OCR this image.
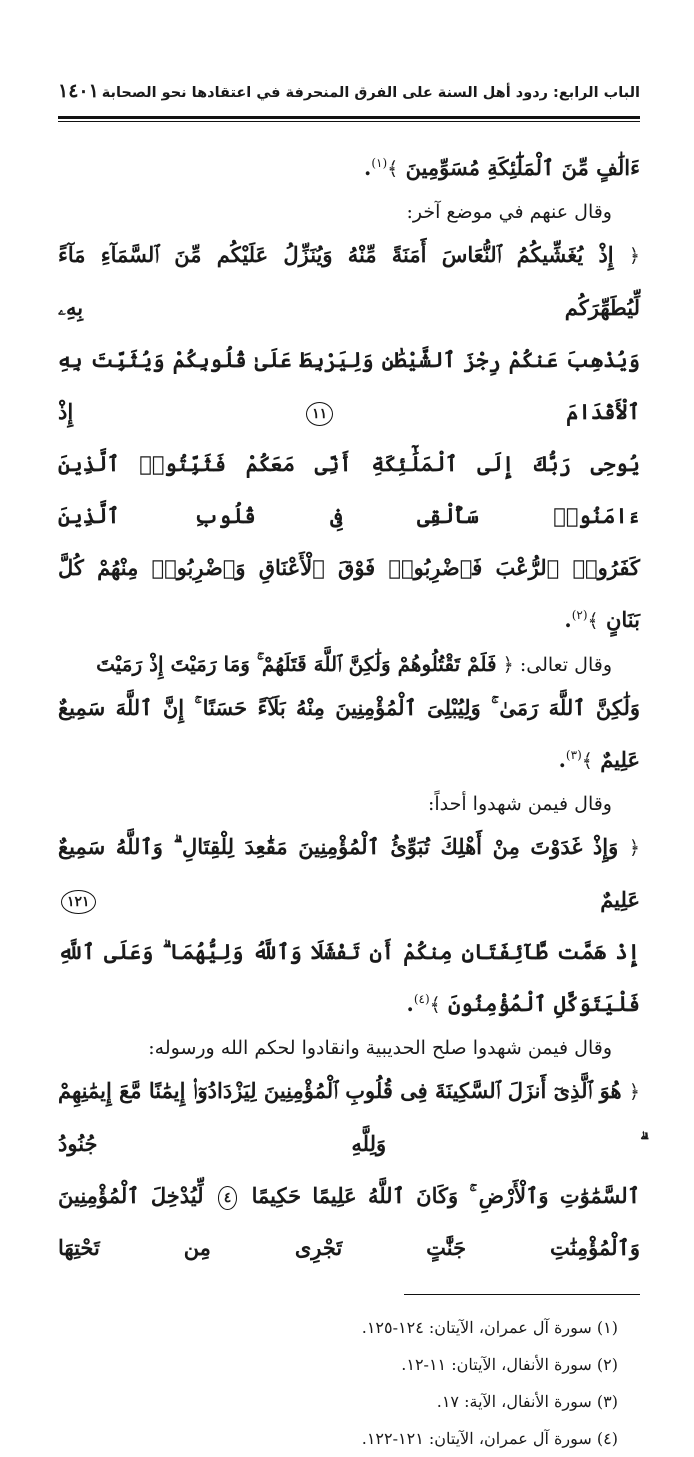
الباب الرابع: ردود أهل السنة على الفرق المنحرفة في اعتقادها نحو الصحابة
١٤٠١

ءَالَٰفٍ مِّنَ ٱلْمَلَٰٓئِكَةِ مُسَوِّمِينَ ﴾$^{(١)}$.

وقال عنهم في موضع آخر:

﴿ إِذْ يُغَشِّيكُمُ ٱلنُّعَاسَ أَمَنَةً مِّنْهُ وَيُنَزِّلُ عَلَيْكُم مِّنَ ٱلسَّمَآءِ مَآءً لِّيُطَهِّرَكُم بِهِۦ

وَيُذْهِبَ عَنكُمْ رِجْزَ ٱلشَّيْطَٰنِ وَلِيَرْبِطَ عَلَىٰ قُلُوبِكُمْ وَيُثَبِّتَ بِهِ ٱلْأَقْدَامَ ١١ إِذْ

يُوحِى رَبُّكَ إِلَى ٱلْمَلَٰٓئِكَةِ أَنِّى مَعَكُمْ فَثَبِّتُوا۟ ٱلَّذِينَ ءَامَنُوا۟ سَأُلْقِى فِى قُلُوبِ ٱلَّذِينَ

كَفَرُوا۟ ٱلرُّعْبَ فَٱضْرِبُوا۟ فَوْقَ ٱلْأَعْنَاقِ وَٱضْرِبُوا۟ مِنْهُمْ كُلَّ بَنَانٍ ﴾$^{(٢)}$.

وقال تعالى: ﴿ فَلَمْ تَقْتُلُوهُمْ وَلَٰكِنَّ ٱللَّهَ قَتَلَهُمْ ۚ وَمَا رَمَيْتَ إِذْ رَمَيْتَ

وَلَٰكِنَّ ٱللَّهَ رَمَىٰ ۚ وَلِيُبْلِىَ ٱلْمُؤْمِنِينَ مِنْهُ بَلَآءً حَسَنًا ۚ إِنَّ ٱللَّهَ سَمِيعٌ عَلِيمٌ ﴾$^{(٣)}$.

وقال فيمن شهدوا أحداً:

﴿ وَإِذْ غَدَوْتَ مِنْ أَهْلِكَ تُبَوِّئُ ٱلْمُؤْمِنِينَ مَقَٰعِدَ لِلْقِتَالِ ۗ وَٱللَّهُ سَمِيعٌ عَلِيمٌ ١٢١

إِذْ هَمَّت طَّآئِفَتَانِ مِنكُمْ أَن تَفْشَلَا وَٱللَّهُ وَلِيُّهُمَا ۗ وَعَلَى ٱللَّهِ فَلْيَتَوَكَّلِ ٱلْمُؤْمِنُونَ ﴾$^{(٤)}$.

وقال فيمن شهدوا صلح الحديبية وانقادوا لحكم الله ورسوله:

﴿ هُوَ ٱلَّذِىٓ أَنزَلَ ٱلسَّكِينَةَ فِى قُلُوبِ ٱلْمُؤْمِنِينَ لِيَزْدَادُوٓا۟ إِيمَٰنًا مَّعَ إِيمَٰنِهِمْ ۗ وَلِلَّهِ جُنُودُ

ٱلسَّمَٰوَٰتِ وَٱلْأَرْضِ ۚ وَكَانَ ٱللَّهُ عَلِيمًا حَكِيمًا ٤ لِّيُدْخِلَ ٱلْمُؤْمِنِينَ وَٱلْمُؤْمِنَٰتِ جَنَّٰتٍ تَجْرِى مِن تَحْتِهَا

(١) سورة آل عمران، الآيتان: ١٢٤-١٢٥.

(٢) سورة الأنفال، الآيتان: ١١-١٢.

(٣) سورة الأنفال، الآية: ١٧.

(٤) سورة آل عمران، الآيتان: ١٢١-١٢٢.
